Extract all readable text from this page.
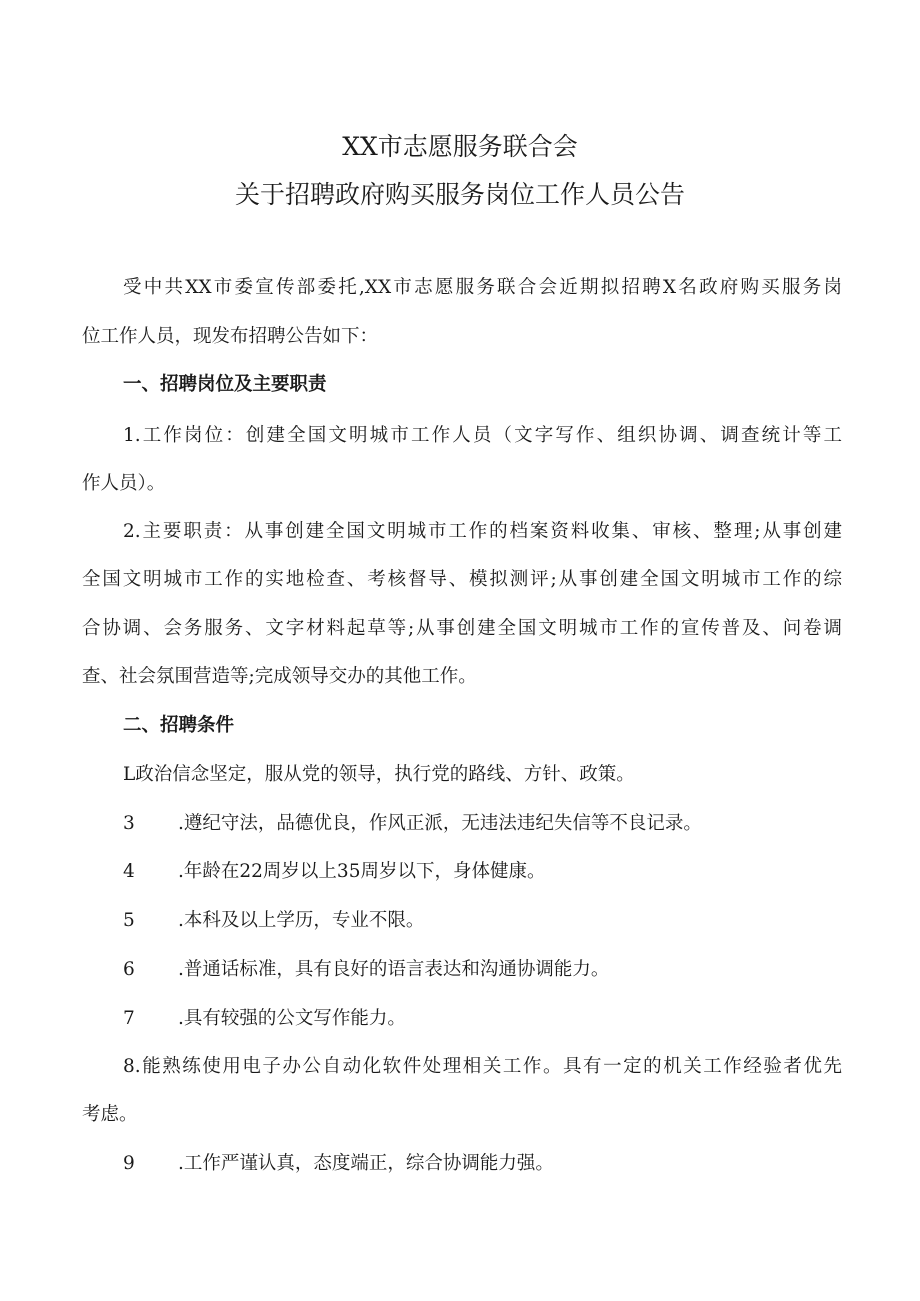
XX市志愿服务联合会
关于招聘政府购买服务岗位工作人员公告
受中共XX市委宣传部委托,XX市志愿服务联合会近期拟招聘X名政府购买服务岗
位工作人员，现发布招聘公告如下：
一、招聘岗位及主要职责
1.工作岗位：创建全国文明城市工作人员（文字写作、组织协调、调查统计等工
作人员）。
2.主要职责：从事创建全国文明城市工作的档案资料收集、审核、整理;从事创建
全国文明城市工作的实地检查、考核督导、模拟测评;从事创建全国文明城市工作的综
合协调、会务服务、文字材料起草等;从事创建全国文明城市工作的宣传普及、问卷调
查、社会氛围营造等;完成领导交办的其他工作。
二、招聘条件
L政治信念坚定，服从党的领导，执行党的路线、方针、政策。
3 .遵纪守法，品德优良，作风正派，无违法违纪失信等不良记录。
4 .年龄在22周岁以上35周岁以下，身体健康。
5 .本科及以上学历，专业不限。
6 .普通话标准，具有良好的语言表达和沟通协调能力。
7 .具有较强的公文写作能力。
8.能熟练使用电子办公自动化软件处理相关工作。具有一定的机关工作经验者优先
考虑。
9 .工作严谨认真，态度端正，综合协调能力强。
